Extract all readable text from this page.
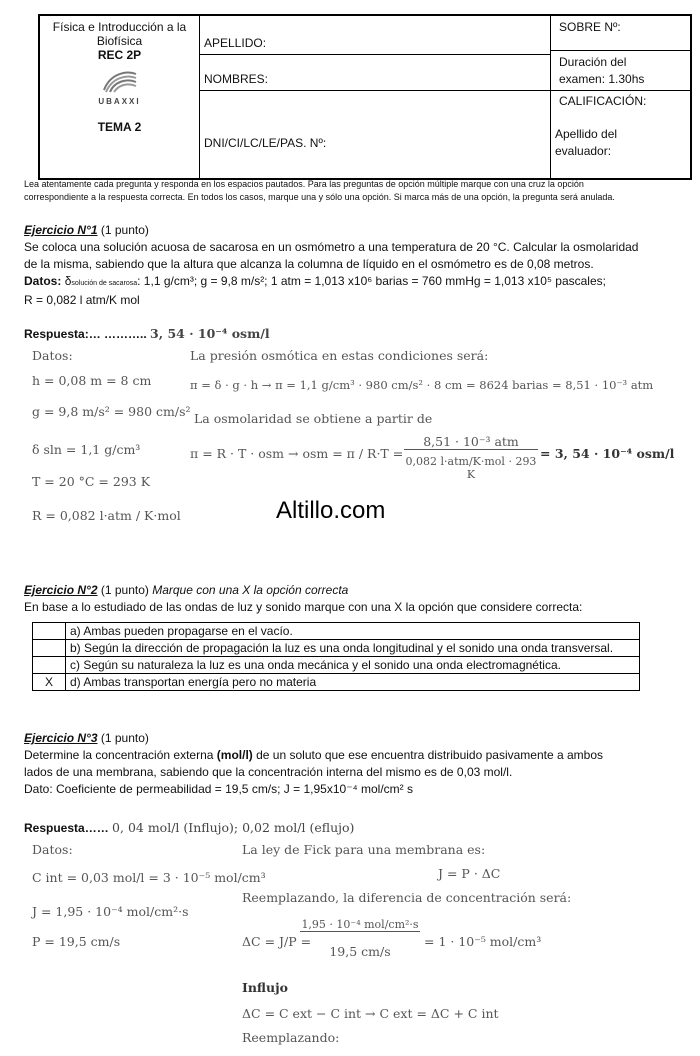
Física e Introducción a la
Biofísica
REC 2P
UBAXXI
TEMA 2
APELLIDO:
NOMBRES:
DNI/CI/LC/LE/PAS. Nº:
SOBRE Nº:
Duración del
examen: 1.30hs
CALIFICACIÓN:
Apellido del
evaluador:
Lea atentamente cada pregunta y responda en los espacios pautados. Para las preguntas de opción múltiple marque con una cruz la opción
correspondiente a la respuesta correcta. En todos los casos, marque una y sólo una opción. Si marca más de una opción, la pregunta será anulada.
Ejercicio N°1 (1 punto)
Se coloca una solución acuosa de sacarosa en un osmómetro a una temperatura de 20 °C. Calcular la osmolaridad
de la misma, sabiendo que la altura que alcanza la columna de líquido en el osmómetro es de 0,08 metros.
Datos: δsolución de sacarosa: 1,1 g/cm³; g = 9,8 m/s²; 1 atm = 1,013 x10⁶ barias = 760 mmHg = 1,013 x10⁵ pascales;
R = 0,082 l atm/K mol
Respuesta:… ……….. 3, 54 · 10⁻⁴ osm/l
Datos:
h = 0,08 m = 8 cm
g = 9,8 m/s² = 980 cm/s²
δ sln = 1,1 g/cm³
T = 20 °C = 293 K
R = 0,082 l·atm / K·mol
La presión osmótica en estas condiciones será:
π = δ · g · h → π = 1,1 g/cm³ · 980 cm/s² · 8 cm = 8624 barias = 8,51 · 10⁻³ atm
La osmolaridad se obtiene a partir de
π = R · T · osm → osm = π / R·T =
8,51 · 10⁻³ atm
0,082 l·atm/K·mol · 293 K
= 3, 54 · 10⁻⁴ osm/l
Altillo.com
Ejercicio N°2 (1 punto) Marque con una X la opción correcta
En base a lo estudiado de las ondas de luz y sonido marque con una X la opción que considere correcta:
	a) Ambas pueden propagarse en el vacío.
	b) Según la dirección de propagación la luz es una onda longitudinal y el sonido una onda transversal.
	c) Según su naturaleza la luz es una onda mecánica y el sonido una onda electromagnética.
X	d) Ambas transportan energía pero no materia
Ejercicio N°3 (1 punto)
Determine la concentración externa (mol/l) de un soluto que ese encuentra distribuido pasivamente a ambos
lados de una membrana, sabiendo que la concentración interna del mismo es de 0,03 mol/l.
Dato: Coeficiente de permeabilidad = 19,5 cm/s; J = 1,95x10⁻⁴ mol/cm² s
Respuesta…… 0, 04 mol/l (Influjo); 0,02 mol/l (eflujo)
Datos:
C int = 0,03 mol/l = 3 · 10⁻⁵ mol/cm³
J = 1,95 · 10⁻⁴ mol/cm²·s
P = 19,5 cm/s
La ley de Fick para una membrana es:
J = P · ΔC
Reemplazando, la diferencia de concentración será:
ΔC = J/P =
1,95 · 10⁻⁴ mol/cm²·s
19,5 cm/s
= 1 · 10⁻⁵ mol/cm³
Influjo
ΔC = C ext − C int → C ext = ΔC + C int
Reemplazando:
